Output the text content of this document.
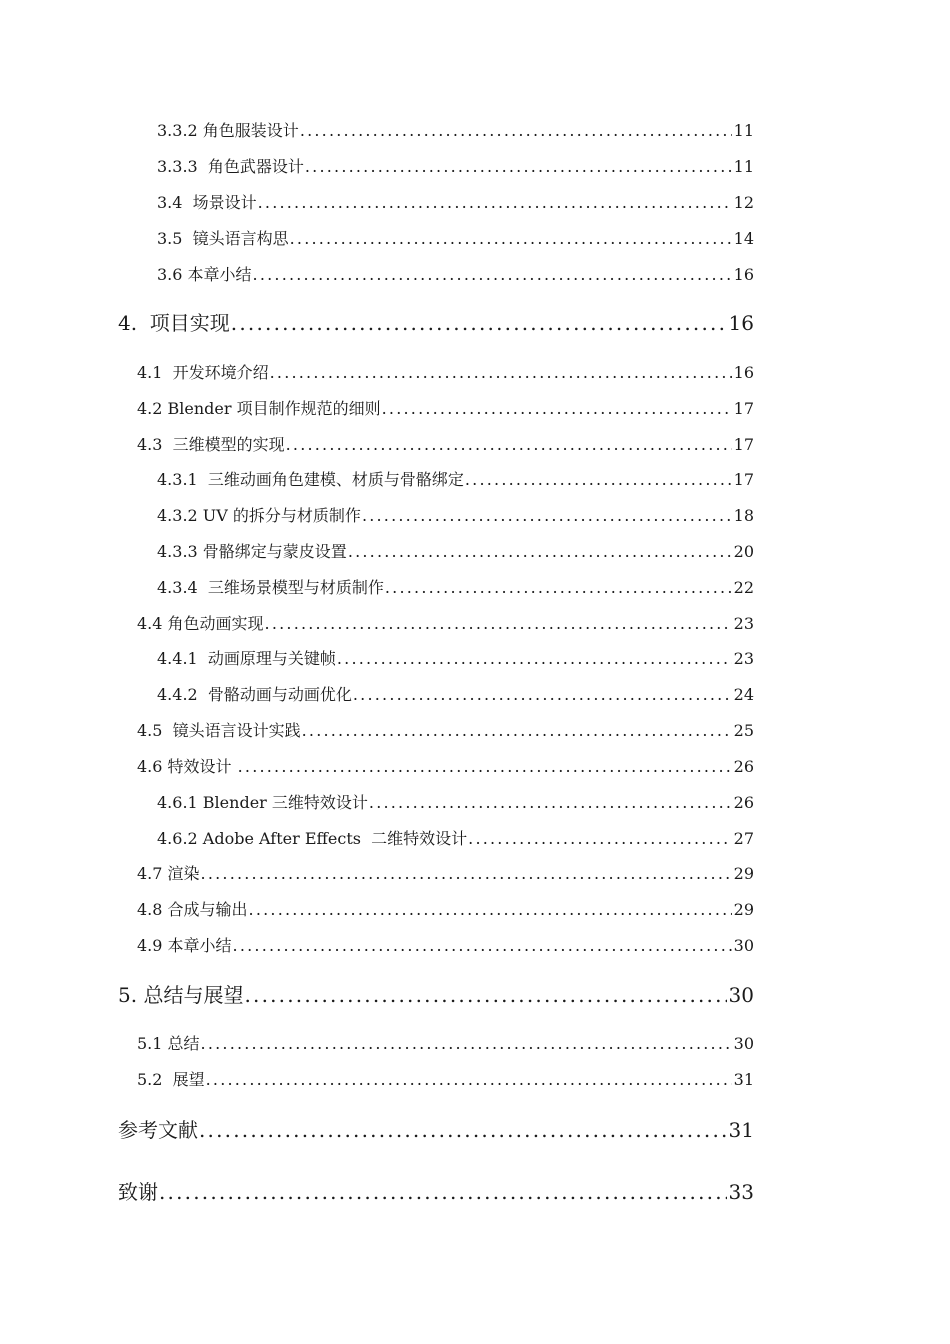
3.3.2 角色服装设计 .....	11
3.3.3  角色武器设计 .....	11
3.4  场景设计 .....	12
3.5  镜头语言构思 .....	14
3.6 本章小结 .....	16
4.  项目实现 .....	16
4.1  开发环境介绍 .....	16
4.2 Blender 项目制作规范的细则 .....	17
4.3  三维模型的实现 .....	17
4.3.1  三维动画角色建模、材质与骨骼绑定 .....	17
4.3.2 UV 的拆分与材质制作 .....	18
4.3.3 骨骼绑定与蒙皮设置 .....	20
4.3.4  三维场景模型与材质制作 .....	22
4.4 角色动画实现 .....	23
4.4.1  动画原理与关键帧 .....	23
4.4.2  骨骼动画与动画优化 .....	24
4.5  镜头语言设计实践 .....	25
4.6 特效设计 .....	26
4.6.1 Blender 三维特效设计 .....	26
4.6.2 Adobe After Effects  二维特效设计 .....	27
4.7 渲染 .....	29
4.8 合成与输出 .....	29
4.9 本章小结 .....	30
5. 总结与展望 .....	30
5.1 总结 .....	30
5.2  展望 .....	31
参考文献 .....	31
致谢 .....	33
